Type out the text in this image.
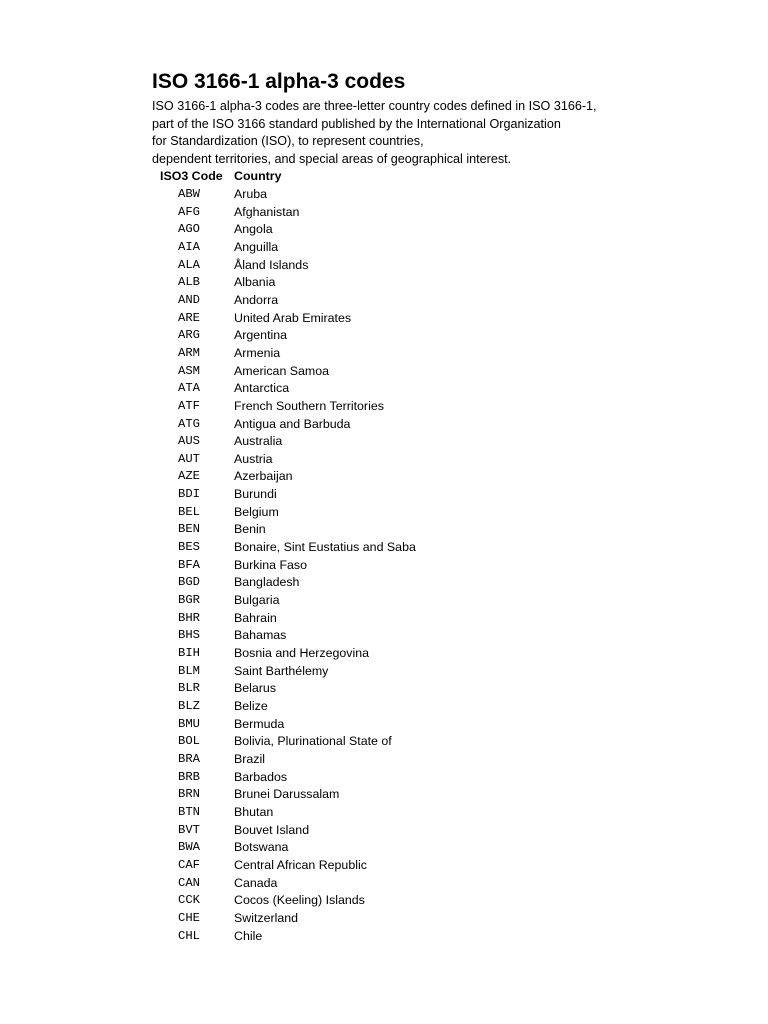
ISO 3166-1 alpha-3 codes
ISO 3166-1 alpha-3 codes are three-letter country codes defined in ISO 3166-1,
part of the ISO 3166 standard published by the International Organization
for Standardization (ISO), to represent countries,
dependent territories, and special areas of geographical interest.
ISO3 Code	Country
ABW	Aruba
AFG	Afghanistan
AGO	Angola
AIA	Anguilla
ALA	Åland Islands
ALB	Albania
AND	Andorra
ARE	United Arab Emirates
ARG	Argentina
ARM	Armenia
ASM	American Samoa
ATA	Antarctica
ATF	French Southern Territories
ATG	Antigua and Barbuda
AUS	Australia
AUT	Austria
AZE	Azerbaijan
BDI	Burundi
BEL	Belgium
BEN	Benin
BES	Bonaire, Sint Eustatius and Saba
BFA	Burkina Faso
BGD	Bangladesh
BGR	Bulgaria
BHR	Bahrain
BHS	Bahamas
BIH	Bosnia and Herzegovina
BLM	Saint Barthélemy
BLR	Belarus
BLZ	Belize
BMU	Bermuda
BOL	Bolivia, Plurinational State of
BRA	Brazil
BRB	Barbados
BRN	Brunei Darussalam
BTN	Bhutan
BVT	Bouvet Island
BWA	Botswana
CAF	Central African Republic
CAN	Canada
CCK	Cocos (Keeling) Islands
CHE	Switzerland
CHL	Chile
